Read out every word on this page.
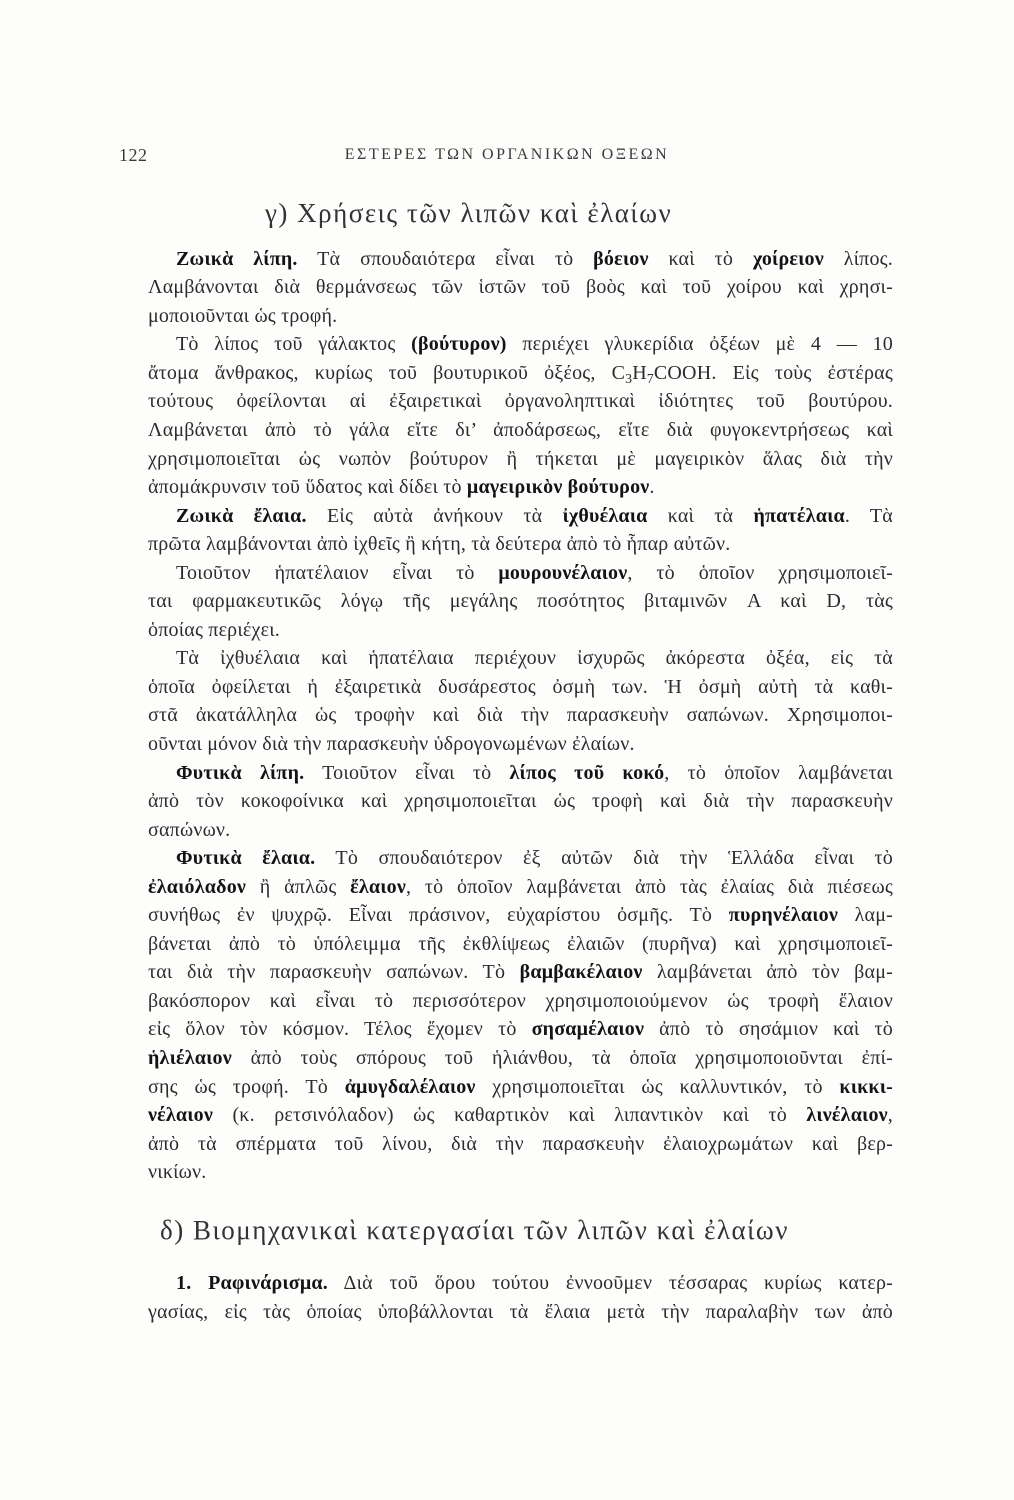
122	ΕΣΤΕΡΕΣ ΤΩΝ ΟΡΓΑΝΙΚΩΝ ΟΞΕΩΝ
γ) Χρήσεις τῶν λιπῶν καὶ ἐλαίων
Ζωικὰ λίπη. Τὰ σπουδαιότερα εἶναι τὸ βόειον καὶ τὸ χοίρειον λίπος.
Λαμβάνονται διὰ θερμάνσεως τῶν ἱστῶν τοῦ βοὸς καὶ τοῦ χοίρου καὶ χρησι-
μοποιοῦνται ὡς τροφή.
Τὸ λίπος τοῦ γάλακτος (βούτυρον) περιέχει γλυκερίδια ὀξέων μὲ 4 — 10
ἄτομα ἄνθρακος, κυρίως τοῦ βουτυρικοῦ ὀξέος, $C_3H_7COOH$. Εἰς τοὺς ἐστέρας
τούτους ὀφείλονται αἱ ἐξαιρετικαὶ ὀργανοληπτικαὶ ἰδιότητες τοῦ βουτύρου.
Λαμβάνεται ἀπὸ τὸ γάλα εἴτε δι’ ἀποδάρσεως, εἴτε διὰ φυγοκεντρήσεως καὶ
χρησιμοποιεῖται ὡς νωπὸν βούτυρον ἢ τήκεται μὲ μαγειρικὸν ἅλας διὰ τὴν
ἀπομάκρυνσιν τοῦ ὕδατος καὶ δίδει τὸ μαγειρικὸν βούτυρον.
Ζωικὰ ἔλαια. Εἰς αὐτὰ ἀνήκουν τὰ ἰχθυέλαια καὶ τὰ ἡπατέλαια. Τὰ
πρῶτα λαμβάνονται ἀπὸ ἰχθεῖς ἢ κήτη, τὰ δεύτερα ἀπὸ τὸ ἧπαρ αὐτῶν.
Τοιοῦτον ἡπατέλαιον εἶναι τὸ μουρουνέλαιον, τὸ ὁποῖον χρησιμοποιεῖ-
ται φαρμακευτικῶς λόγῳ τῆς μεγάλης ποσότητος βιταμινῶν A καὶ D, τὰς
ὁποίας περιέχει.
Τὰ ἰχθυέλαια καὶ ἡπατέλαια περιέχουν ἰσχυρῶς ἀκόρεστα ὀξέα, εἰς τὰ
ὁποῖα ὀφείλεται ἡ ἐξαιρετικὰ δυσάρεστος ὀσμὴ των. Ἡ ὀσμὴ αὐτὴ τὰ καθι-
στᾶ ἀκατάλληλα ὡς τροφὴν καὶ διὰ τὴν παρασκευὴν σαπώνων. Χρησιμοποι-
οῦνται μόνον διὰ τὴν παρασκευὴν ὑδρογονωμένων ἐλαίων.
Φυτικὰ λίπη. Τοιοῦτον εἶναι τὸ λίπος τοῦ κοκό, τὸ ὁποῖον λαμβάνεται
ἀπὸ τὸν κοκοφοίνικα καὶ χρησιμοποιεῖται ὡς τροφὴ καὶ διὰ τὴν παρασκευὴν
σαπώνων.
Φυτικὰ ἔλαια. Τὸ σπουδαιότερον ἐξ αὐτῶν διὰ τὴν Ἑλλάδα εἶναι τὸ
ἐλαιόλαδον ἢ ἁπλῶς ἔλαιον, τὸ ὁποῖον λαμβάνεται ἀπὸ τὰς ἐλαίας διὰ πιέσεως
συνήθως ἐν ψυχρῷ. Εἶναι πράσινον, εὐχαρίστου ὀσμῆς. Τὸ πυρηνέλαιον λαμ-
βάνεται ἀπὸ τὸ ὑπόλειμμα τῆς ἐκθλίψεως ἐλαιῶν (πυρῆνα) καὶ χρησιμοποιεῖ-
ται διὰ τὴν παρασκευὴν σαπώνων. Τὸ βαμβακέλαιον λαμβάνεται ἀπὸ τὸν βαμ-
βακόσπορον καὶ εἶναι τὸ περισσότερον χρησιμοποιούμενον ὡς τροφὴ ἔλαιον
εἰς ὅλον τὸν κόσμον. Τέλος ἔχομεν τὸ σησαμέλαιον ἀπὸ τὸ σησάμιον καὶ τὸ
ἡλιέλαιον ἀπὸ τοὺς σπόρους τοῦ ἡλιάνθου, τὰ ὁποῖα χρησιμοποιοῦνται ἐπί-
σης ὡς τροφή. Τὸ ἀμυγδαλέλαιον χρησιμοποιεῖται ὡς καλλυντικόν, τὸ κικκι-
νέλαιον (κ. ρετσινόλαδον) ὡς καθαρτικὸν καὶ λιπαντικὸν καὶ τὸ λινέλαιον,
ἀπὸ τὰ σπέρματα τοῦ λίνου, διὰ τὴν παρασκευὴν ἐλαιοχρωμάτων καὶ βερ-
νικίων.
δ) Βιομηχανικαὶ κατεργασίαι τῶν λιπῶν καὶ ἐλαίων
1. Ραφινάρισμα. Διὰ τοῦ ὅρου τούτου ἐννοοῦμεν τέσσαρας κυρίως κατερ-
γασίας, εἰς τὰς ὁποίας ὑποβάλλονται τὰ ἔλαια μετὰ τὴν παραλαβὴν των ἀπὸ
